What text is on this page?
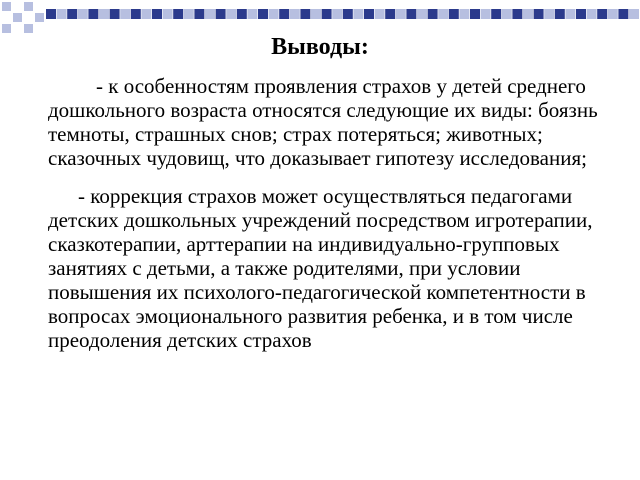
Выводы:

- к особенностям проявления страхов у детей среднего дошкольного возраста относятся следующие их виды: боязнь темноты, страшных снов; страх потеряться; животных; сказочных чудовищ, что доказывает гипотезу исследования;

- коррекция страхов может осуществляться педагогами детских дошкольных учреждений посредством игротерапии, сказкотерапии, арттерапии на индивидуально-групповых занятиях с детьми, а также родителями, при условии повышения их психолого-педагогической компетентности в вопросах эмоционального развития ребенка, и в том числе преодоления детских страхов
